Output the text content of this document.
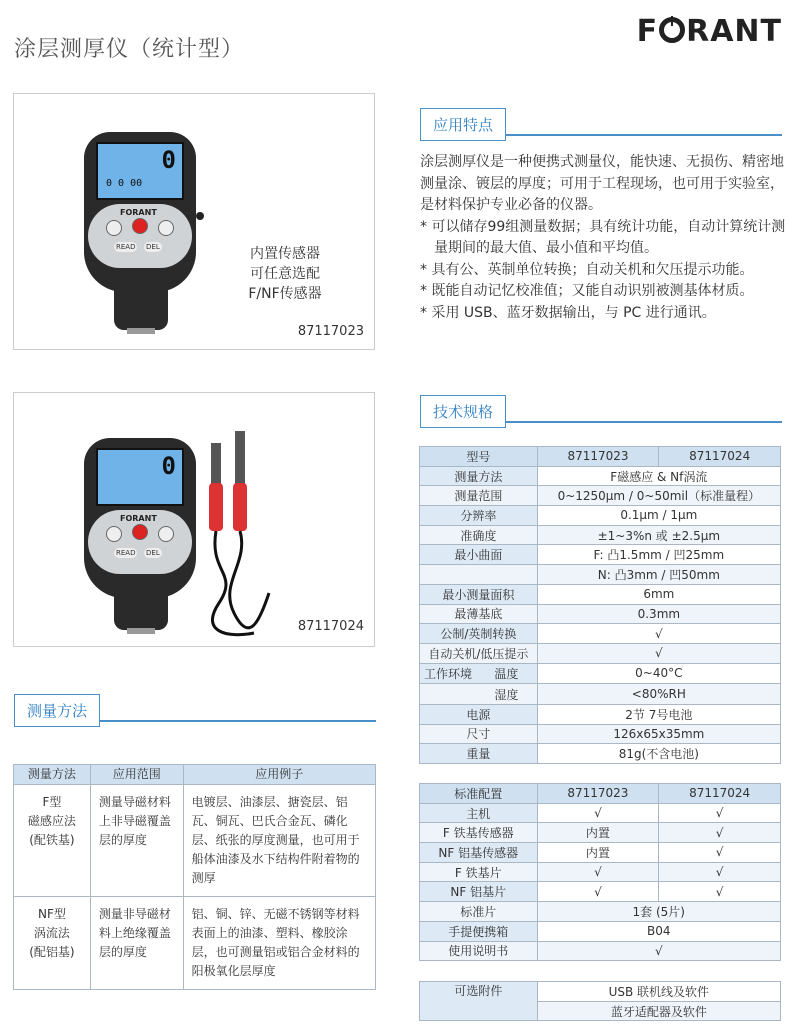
涂层测厚仪（统计型）
F RANT
0
0 0 00
FORANT
READ DEL	内置传感器
可任意选配
F/NF传感器
87117023
0
FORANT
READ DEL
87117024
应用特点

涂层测厚仪是一种便携式测量仪，能快速、无损伤、精密地测量涂、镀层的厚度；可用于工程现场，也可用于实验室，是材料保护专业必备的仪器。

* 可以储存99组测量数据；具有统计功能，自动计算统计测量期间的最大值、最小值和平均值。

* 具有公、英制单位转换；自动关机和欠压提示功能。

* 既能自动记忆校准值；又能自动识别被测基体材质。

* 采用 USB、蓝牙数据输出，与 PC 进行通讯。

技术规格
型号	87117023	87117024
测量方法	F磁感应 & Nf涡流	
测量范围	0~1250μm / 0~50mil（标准量程）	
分辨率	0.1μm / 1μm	
准确度	±1~3%n 或 ±2.5μm	
最小曲面	F: 凸1.5mm / 凹25mm	
	N: 凸3mm / 凹50mm	
最小测量面积	6mm	
最薄基底	0.3mm	
公制/英制转换	√	
自动关机/低压提示	√	

工作环境 温度	0~40°C	

湿度	<80%RH	
电源	2节 7号电池	
尺寸	126x65x35mm	
重量	81g(不含电池)	
标准配置	87117023	87117024
主机	√	√
F 铁基传感器	内置	√
NF 铝基传感器	内置	√
F 铁基片	√	√
NF 铝基片	√	√
标准片	1套 (5片)	
手提便携箱	B04	
使用说明书	√	
可选附件	USB 联机线及软件
蓝牙适配器及软件
测量方法
测量方法	应用范围	应用例子
F型
磁感应法
(配铁基)	测量导磁材料上非导磁覆盖层的厚度	电镀层、油漆层、搪瓷层、铝瓦、铜瓦、巴氏合金瓦、磷化层、纸张的厚度测量，也可用于船体油漆及水下结构件附着物的测厚
NF型
涡流法
(配铝基)	测量非导磁材料上绝缘覆盖层的厚度	铝、铜、锌、无磁不锈钢等材料表面上的油漆、塑料、橡胶涂层，也可测量铝或铝合金材料的阳极氧化层厚度
